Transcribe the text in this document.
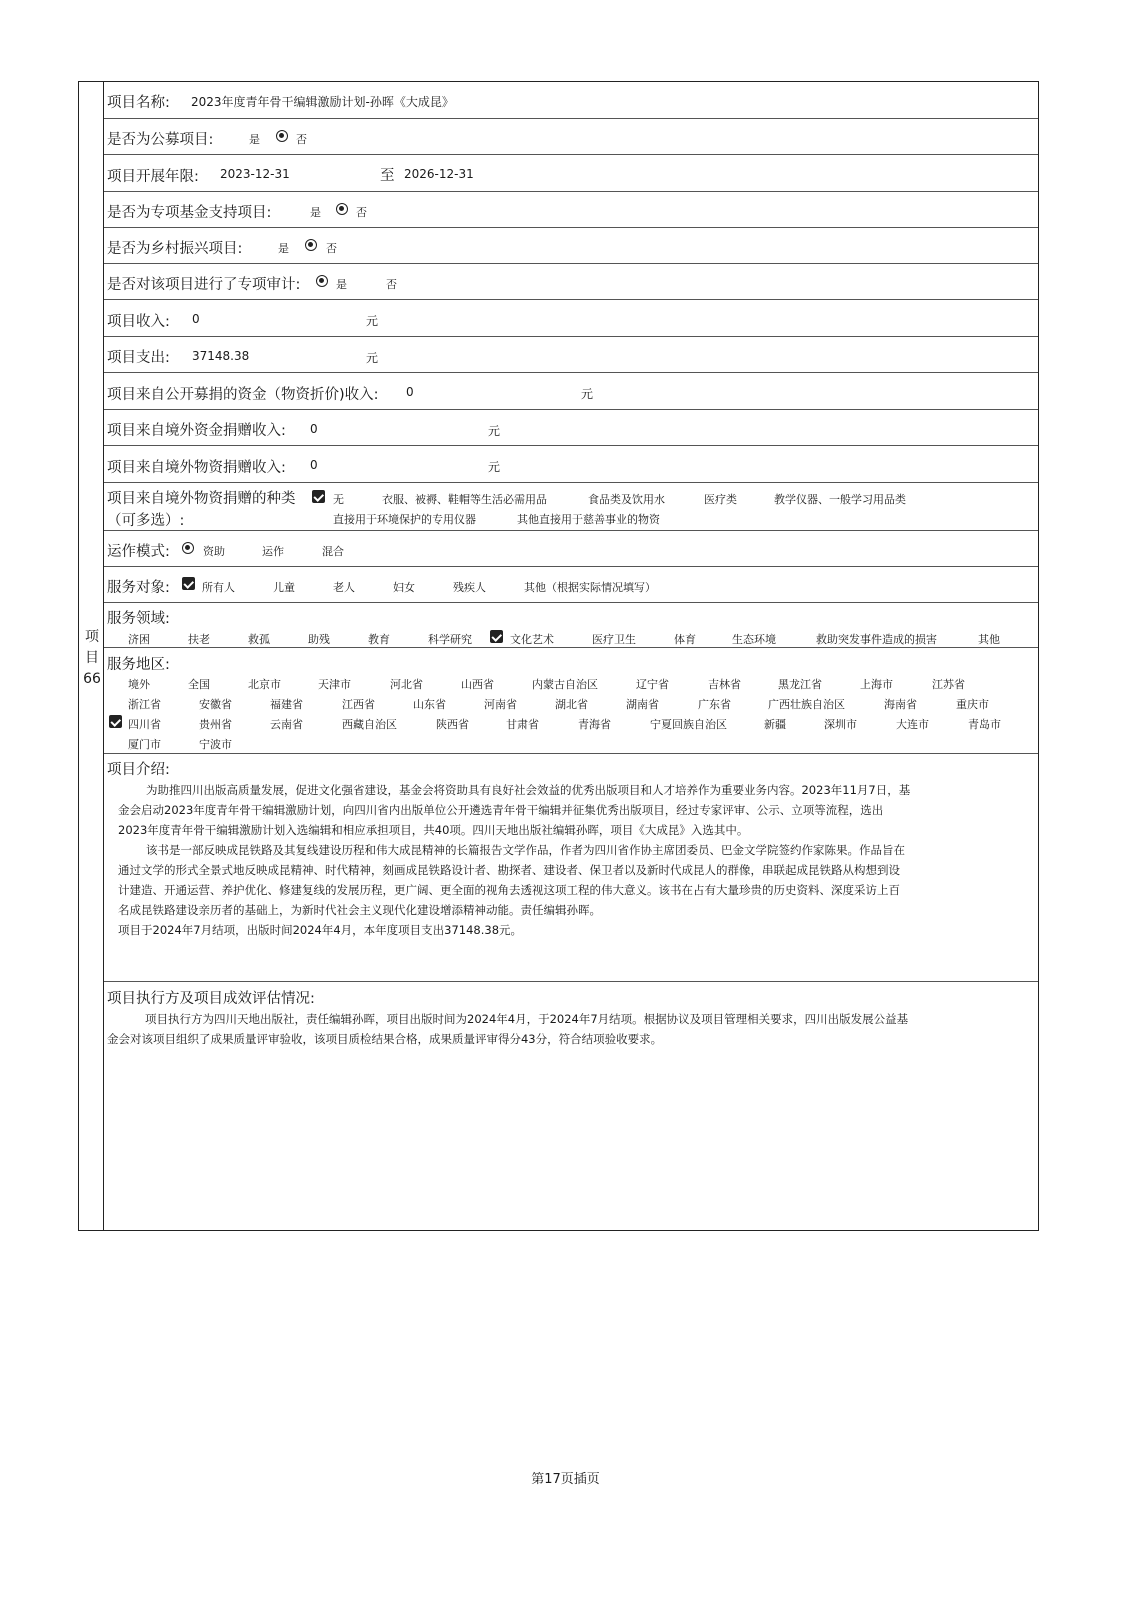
项
目
66
项目名称: 2023年度青年骨干编辑激励计划-孙晖《大成昆》
是否为公募项目:	是	否
项目开展年限: 2023-12-31	至 2026-12-31
是否为专项基金支持项目:	是	否
是否为乡村振兴项目:	是	否
是否对该项目进行了专项审计:	是	否
项目收入: 0	元
项目支出: 37148.38	元
项目来自公开募捐的资金（物资折价)收入: 0	元
项目来自境外资金捐赠收入: 0	元
项目来自境外物资捐赠收入: 0	元
项目来自境外物资捐赠的种类
（可多选）:
无	衣服、被褥、鞋帽等生活必需用品	食品类及饮用水	医疗类	教学仪器、一般学习用品类
直接用于环境保护的专用仪器	其他直接用于慈善事业的物资
运作模式:	资助	运作	混合
服务对象:	所有人	儿童	老人	妇女	残疾人	其他（根据实际情况填写）
服务领域:
济困	扶老	救孤	助残	教育	科学研究	文化艺术	医疗卫生	体育	生态环境	救助突发事件造成的损害	其他
服务地区:
境外	全国	北京市	天津市	河北省	山西省	内蒙古自治区	辽宁省	吉林省	黑龙江省	上海市	江苏省
浙江省	安徽省	福建省	江西省	山东省	河南省	湖北省	湖南省	广东省	广西壮族自治区	海南省	重庆市
四川省	贵州省	云南省	西藏自治区	陕西省	甘肃省	青海省	宁夏回族自治区	新疆	深圳市	大连市	青岛市
厦门市	宁波市
项目介绍:
为助推四川出版高质量发展，促进文化强省建设，基金会将资助具有良好社会效益的优秀出版项目和人才培养作为重要业务内容。2023年11月7日，基
金会启动2023年度青年骨干编辑激励计划，向四川省内出版单位公开遴选青年骨干编辑并征集优秀出版项目，经过专家评审、公示、立项等流程，选出
2023年度青年骨干编辑激励计划入选编辑和相应承担项目，共40项。四川天地出版社编辑孙晖，项目《大成昆》入选其中。
该书是一部反映成昆铁路及其复线建设历程和伟大成昆精神的长篇报告文学作品，作者为四川省作协主席团委员、巴金文学院签约作家陈果。作品旨在
通过文学的形式全景式地反映成昆精神、时代精神，刻画成昆铁路设计者、勘探者、建设者、保卫者以及新时代成昆人的群像，串联起成昆铁路从构想到设
计建造、开通运营、养护优化、修建复线的发展历程，更广阔、更全面的视角去透视这项工程的伟大意义。该书在占有大量珍贵的历史资料、深度采访上百
名成昆铁路建设亲历者的基础上，为新时代社会主义现代化建设增添精神动能。责任编辑孙晖。
项目于2024年7月结项，出版时间2024年4月，本年度项目支出37148.38元。
项目执行方及项目成效评估情况:
项目执行方为四川天地出版社，责任编辑孙晖，项目出版时间为2024年4月，于2024年7月结项。根据协议及项目管理相关要求，四川出版发展公益基
金会对该项目组织了成果质量评审验收，该项目质检结果合格，成果质量评审得分43分，符合结项验收要求。
第17页插页
